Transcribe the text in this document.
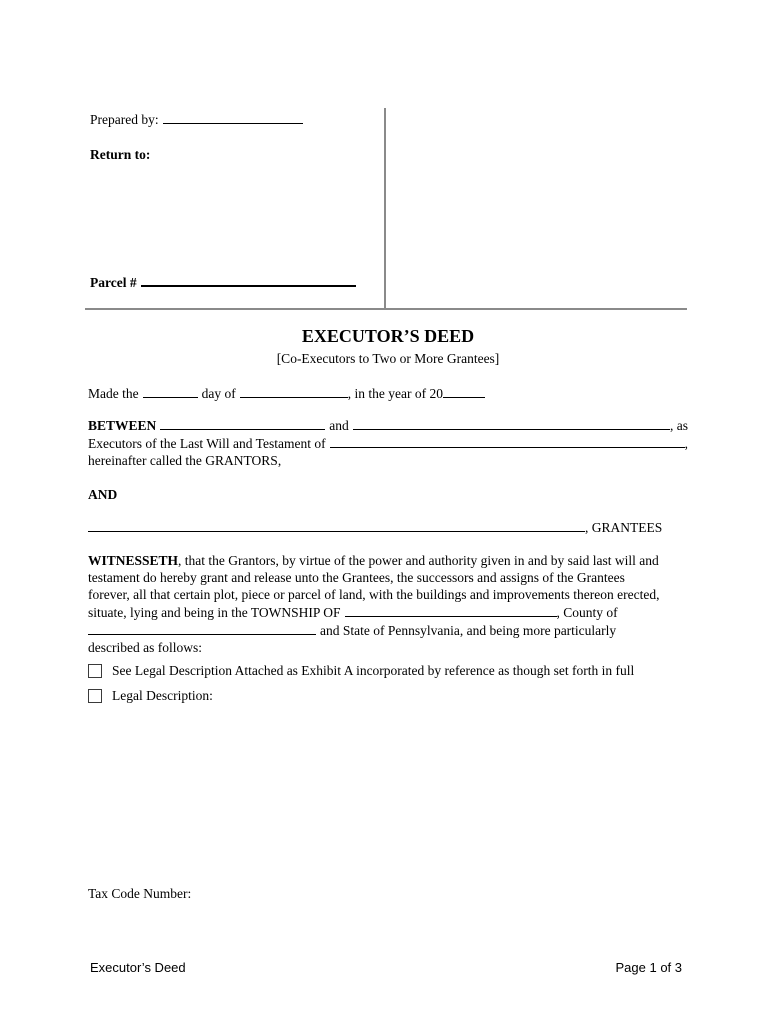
Prepared by:
Return to:
Parcel #
EXECUTOR’S DEED
[Co-Executors to Two or More Grantees]
Made the	day of	, in the year of 20
BETWEEN	and	, as
Executors of the Last Will and Testament of	,
hereinafter called the GRANTORS,
AND
, GRANTEES
WITNESSETH , that the Grantors, by virtue of the power and authority given in and by said last will and
testament do hereby grant and release unto the Grantees, the successors and assigns of the Grantees
forever, all that certain plot, piece or parcel of land, with the buildings and improvements thereon erected,
situate, lying and being in the TOWNSHIP OF	, County of
and State of Pennsylvania, and being more particularly
described as follows:
See Legal Description Attached as Exhibit A incorporated by reference as though set forth in full
Legal Description:
Tax Code Number:
Executor’s Deed	Page 1 of 3
